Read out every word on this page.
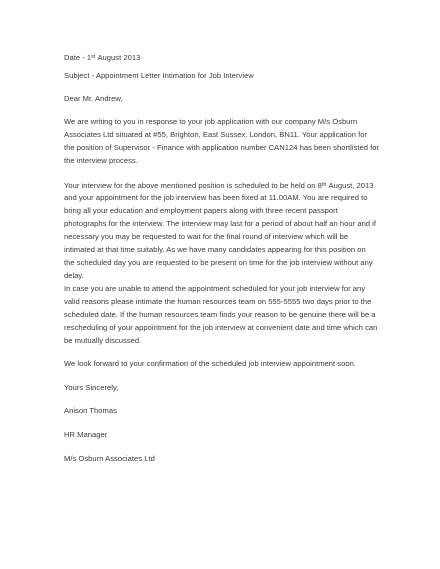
Date - 1st August 2013
Subject - Appointment Letter Intimation for Job Interview
Dear Mr. Andrew,
We are writing to you in response to your job application with our company M/s Osburn
Associates Ltd situated at #55, Brighton, East Sussex, London, BN11. Your application for
the position of Supervisor - Finance with application number CAN124 has been shortlisted for
the interview process.
Your interview for the above mentioned position is scheduled to be held on 8th August, 2013
and your appointment for the job interview has been fixed at 11.00AM. You are required to
bring all your education and employment papers along with three recent passport
photographs for the interview. The interview may last for a period of about half an hour and if
necessary you may be requested to wait for the final round of interview which will be
intimated at that time suitably. As we have many candidates appearing for this position on
the scheduled day you are requested to be present on time for the job interview without any
delay.
In case you are unable to attend the appointment scheduled for your job interview for any
valid reasons please intimate the human resources team on 555-5555 two days prior to the
scheduled date. If the human resources team finds your reason to be genuine there will be a
rescheduling of your appointment for the job interview at convenient date and time which can
be mutually discussed.
We look forward to your confirmation of the scheduled job interview appointment soon.
Yours Sincerely,
Anison Thomas
HR Manager
M/s Osburn Associates Ltd
